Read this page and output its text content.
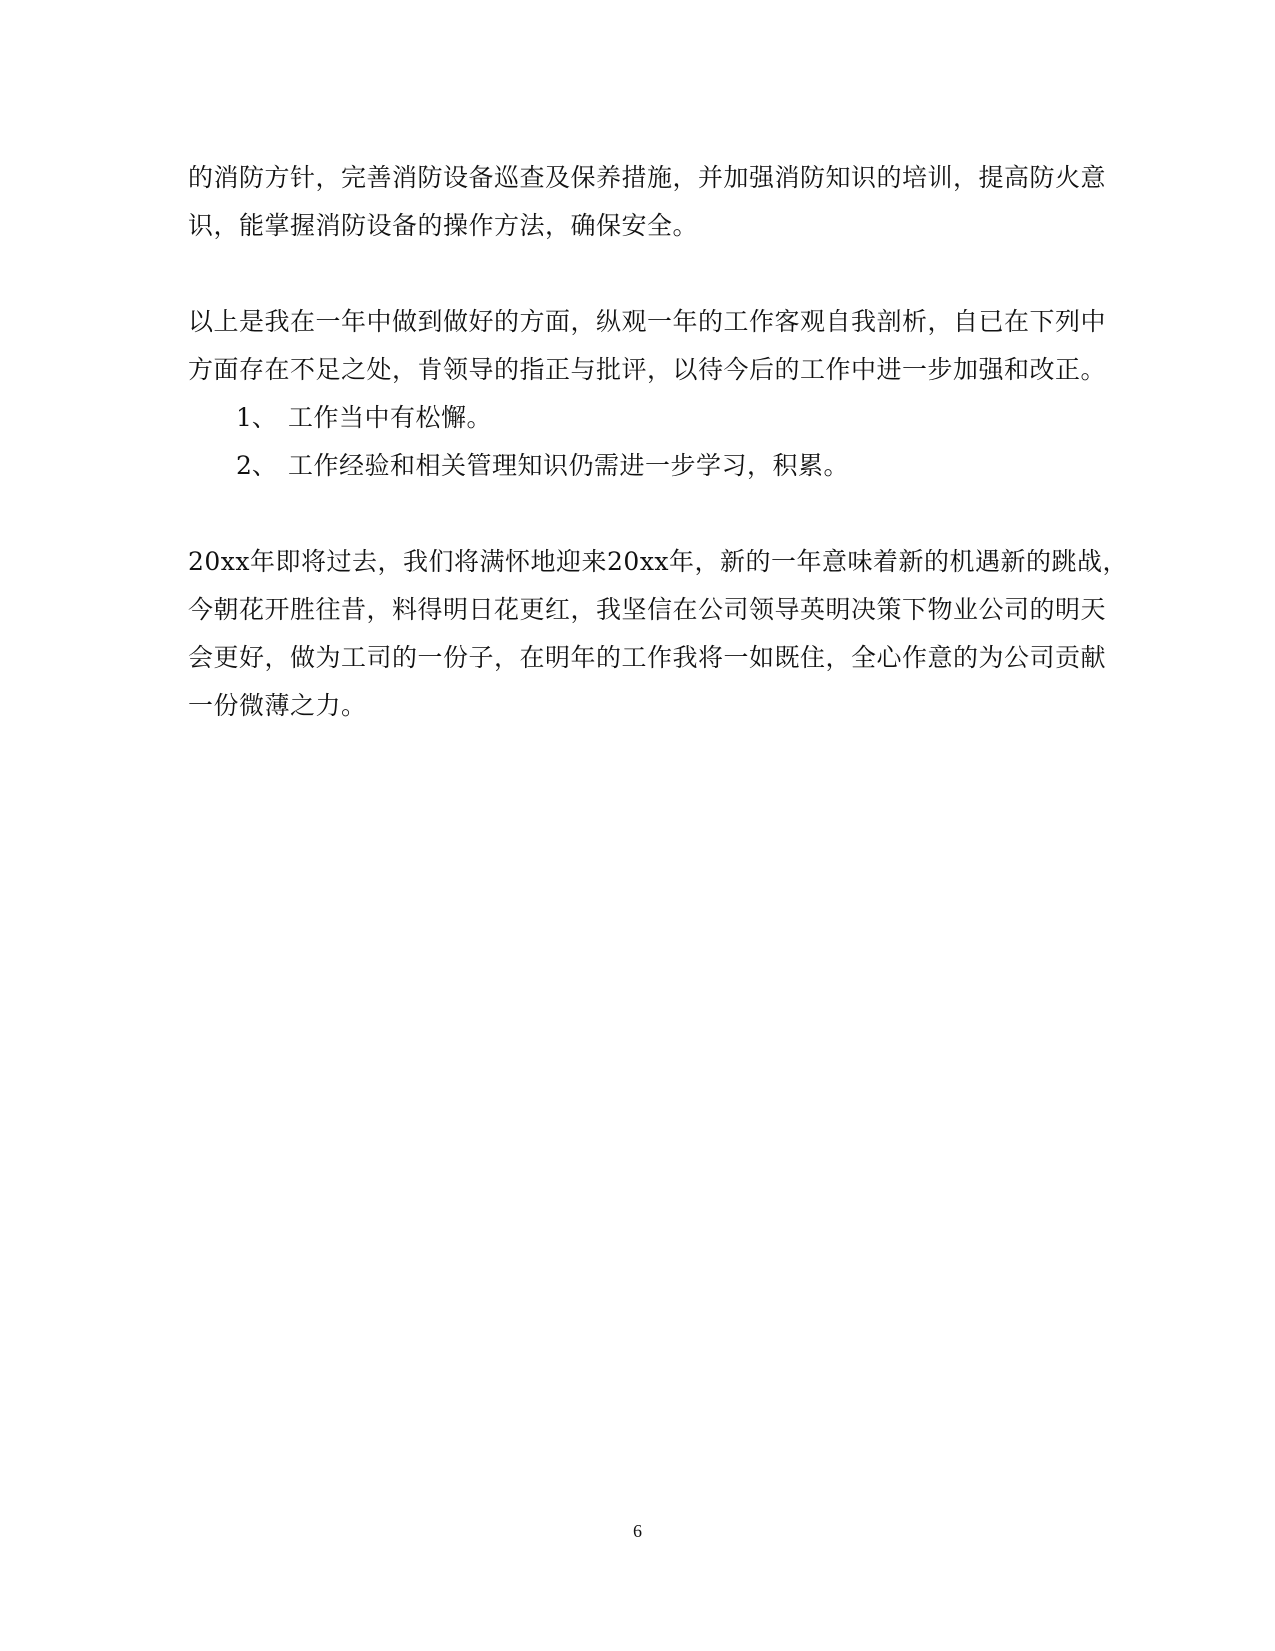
的消防方针，完善消防设备巡查及保养措施，并加强消防知识的培训，提高防火意
识，能掌握消防设备的操作方法，确保安全。
以上是我在一年中做到做好的方面，纵观一年的工作客观自我剖析，自已在下列中
方面存在不足之处，肯领导的指正与批评，以待今后的工作中进一步加强和改正。
1、 工作当中有松懈。
2、 工作经验和相关管理知识仍需进一步学习，积累。
20xx年即将过去，我们将满怀地迎来20xx年，新的一年意味着新的机遇新的跳战，
今朝花开胜往昔，料得明日花更红，我坚信在公司领导英明决策下物业公司的明天
会更好，做为工司的一份子，在明年的工作我将一如既住，全心作意的为公司贡献
一份微薄之力。
6
